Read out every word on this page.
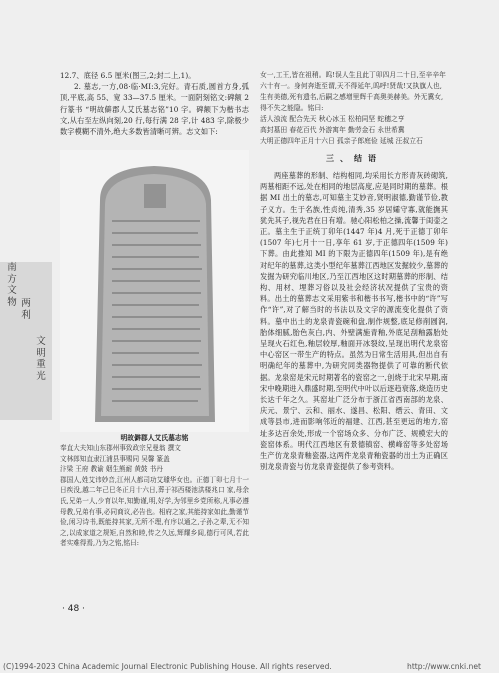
12.7、底径 6.5 厘米(图三,2;封二上,1)。

2. 墓志,一方,08·临·MI:3,完好。青石质,圆首方身,弧顶,平底,高 55、宽 33—37.5 厘米。一面阴刻铭文:碑额 2 行篆书 “明故僻郡人艾氏墓志铭”10 字。碑额下为楷书志文,从右至左纵向刻,20 行,每行满 28 字,计 483 字,除极少数字模糊不清外,绝大多数皆清晰可辨。志文如下:

明故僻郡人艾氏墓志铭

奉直大夫知山东郡州事致政宗兄曼翁 撰文

文林郎知直隶江浦县事赐同 吴馨 篆盖

汴梁 王府 教谕 姻生熊耐 黄鼓 书丹

郡国人,姓艾讳妙音,江州人都司功艾璩华女也。正德丁卯七月十一日疾没,越二年己巳冬正月十六日,葬于祁西楼池洪楼兆口 家,母余氏,兄弟一人,少育以年,知勤谨,明,好学,为邻里乡党所称,凡事必遵母教,兄弟有事,必同商议,必告也。相府之家,其能持家如此,勤谨节俭,闲习诗书,既能持其家,无所不理,有序以通之,子孙之辈,无不知之,以成家道之规矩,自然和睦,传之久远,辉耀乡闾,德行可风,若此者实难得焉,乃为之铭,铭曰:

南方文物 两利
文明重光

女一,工王,皆在祖稍。呜!误人生且此丁卯四月二十日,至辛辛年六十有一。身何奔逝至谓,天不得延年,呜呼!贤哉!又执旗人也,生有美德,死有遗名,后嗣之感增里辉千高奥美赫美。外无冀女,得不失之能隐。铭曰:

活人浊流 配合先天 秋心冰玉 松柏同坚 蛇穗之亨

高封墓田 春花百代 外游寓年 勤劳金石 永世希冀

大明正德四年正月十六日 孤亲子郎庭俭 延城 汪叔立石

三、结语

两座墓葬的形制、结构相同,均采用长方形青灰砖砌筑,两墓相距不远,处在相同的地层高度,应是同时期的墓葬。根据 MI 出土的墓志,可知墓主艾妙音,贤明淑德,勤谨节俭,教子义方。生于名族,性贞纯,清秀,35 岁居孀守寡,就能撫其犹先其子,视先君在日有增。驰心阳松柏之操,流馨于闺壶之正。墓主生于正统丁卯年(1447 年)4 月,死于正德丁卯年(1507 年)七月十一日,享年 61 岁,于正德四年(1509 年)下葬。由此推知 MI 的下限为正德四年(1509 年),是有绝对纪年的墓葬,这类小型纪年墓葬江西地区发掘较少,墓葬的发掘为研究临川地区,乃至江西地区这时期墓葬的形制、结构、用材、埋葬习俗以及社会经济状况提供了宝贵的资料。出土的墓葬志文采用紫书和楷书书写,楷书中的“许”写作“许”,对了解当时的书法以及文字的源流变化提供了资料。墓中出土的龙泉青瓷碗和盘,制作规整,底足修削圆润,胎体细腻,胎色灰白,内、外壁满施青釉,外底足刮釉露胎处呈现火石红色,釉层较厚,釉面开冰裂纹,呈现出明代龙泉窑中心窑区一带生产的特点。虽然为日常生活用具,但出自有明确纪年的墓葬中,为研究同类器物提供了可靠的断代依据。龙泉窑是宋元时期著名的瓷窑之一,创烧于北宋早期,南宋中晚期进入鼎盛时期,至明代中叶以后逐趋衰落,烧造历史长达千年之久。其窑址广泛分布于浙江省西南部的龙泉、庆元、景宁、云和、丽水、遂昌、松阳、缙云、青田、文成等县市,进而影响邻近的福建、江西,甚至更远的地方,窑址多达百余处,形成一个窑场众多、分布广泛、规模宏大的瓷窑体系。明代江西地区有景德镇窑、横峰窑等多处窑场生产仿龙泉青釉瓷器,这两件龙泉青釉瓷器的出土为正确区别龙泉青瓷与仿龙泉青瓷提供了参考资料。

· 48 ·
(C)1994-2023 China Academic Journal Electronic Publishing House. All rights reserved.	http://www.cnki.net
